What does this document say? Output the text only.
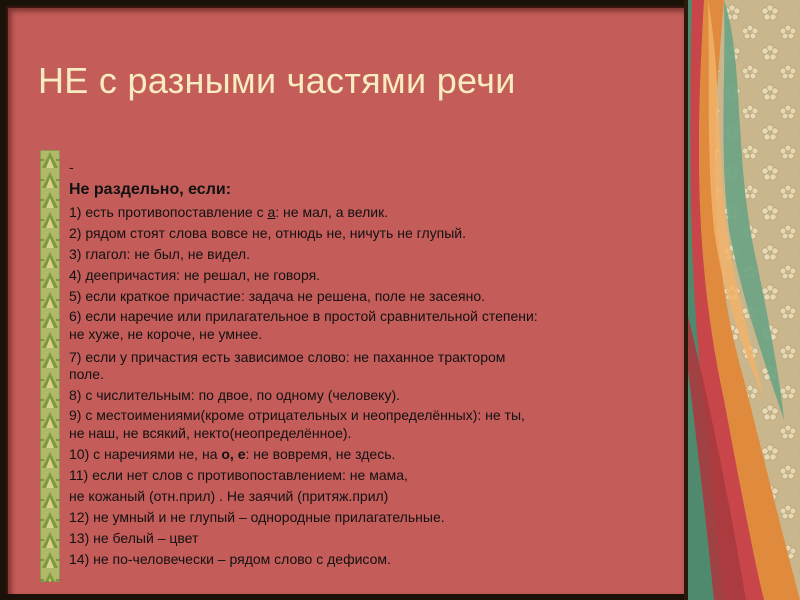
НЕ с разными частями речи
-
Не раздельно, если:
1) есть противопоставление с а: не мал, а велик.
2) рядом стоят слова вовсе не, отнюдь не, ничуть не глупый.
3) глагол: не был, не видел.
4) деепричастия: не решал, не говоря.
5) если краткое причастие: задача не решена, поле не засеяно.
6) если наречие или прилагательное в простой сравнительной степени:
не хуже, не короче, не умнее.
7) если у причастия есть зависимое слово: не паханное трактором
поле.
8) с числительным: по двое, по одному (человеку).
9) с местоимениями(кроме отрицательных и неопределённых): не ты,
не наш, не всякий, некто(неопределённое).
10) с наречиями не, на о, е: не вовремя, не здесь.
11) если нет слов с противопоставлением: не мама,
не кожаный (отн.прил) . Не заячий (притяж.прил)
12) не умный и не глупый – однородные прилагательные.
13) не белый – цвет
14) не по-человечески – рядом слово с дефисом.
